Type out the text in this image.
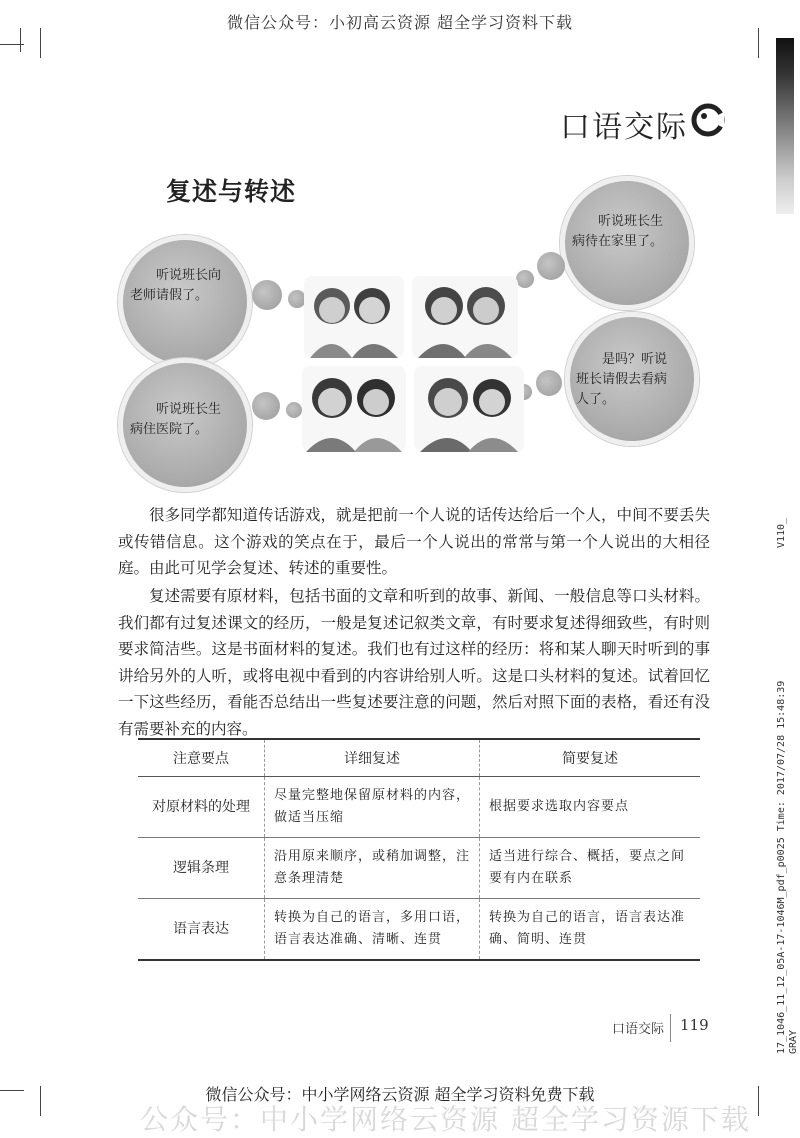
微信公众号：小初高云资源 超全学习资料下载
公众号：中小学网络云资源 超全学习资源下载
微信公众号：中小学网络云资源 超全学习资料免费下载
口语交际
复述与转述
听说班长向老师请假了。
听说班长生病住医院了。
听说班长生病待在家里了。
是吗？听说班长请假去看病人了。

很多同学都知道传话游戏，就是把前一个人说的话传达给后一个人，中间不要丢失或传错信息。这个游戏的笑点在于，最后一个人说出的常常与第一个人说出的大相径庭。由此可见学会复述、转述的重要性。

复述需要有原材料，包括书面的文章和听到的故事、新闻、一般信息等口头材料。我们都有过复述课文的经历，一般是复述记叙类文章，有时要求复述得细致些，有时则要求简洁些。这是书面材料的复述。我们也有过这样的经历：将和某人聊天时听到的事讲给另外的人听，或将电视中看到的内容讲给别人听。这是口头材料的复述。试着回忆一下这些经历，看能否总结出一些复述要注意的问题，然后对照下面的表格，看还有没有需要补充的内容。

注意要点	详细复述	简要复述
对原材料的处理	尽量完整地保留原材料的内容，做适当压缩	根据要求选取内容要点
逻辑条理	沿用原来顺序，或稍加调整，注意条理清楚	适当进行综合、概括，要点之间要有内在联系
语言表达	转换为自己的语言，多用口语，语言表达准确、清晰、连贯	转换为自己的语言，语言表达准确、简明、连贯
口语交际 119
V110_
17_1046_11_12_05A-17-1046M_pdf_p0025 Time: 2017/07/28 15:48:39 GRAY
